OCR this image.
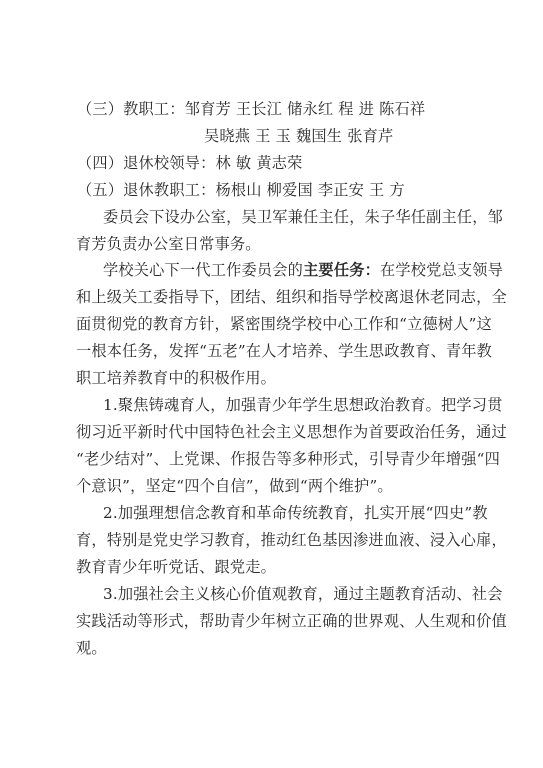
（三）教职工：邹育芳 王长江 储永红 程 进 陈石祥
吴晓燕 王 玉 魏国生 张育芹
（四）退休校领导：林 敏 黄志荣
（五）退休教职工：杨根山 柳爱国 李正安 王 方
委员会下设办公室，吴卫军兼任主任，朱子华任副主任，邹
育芳负责办公室日常事务。
学校关心下一代工作委员会的主要任务：在学校党总支领导
和上级关工委指导下，团结、组织和指导学校离退休老同志，全
面贯彻党的教育方针，紧密围绕学校中心工作和“立德树人”这
一根本任务，发挥“五老”在人才培养、学生思政教育、青年教
职工培养教育中的积极作用。
1.聚焦铸魂育人，加强青少年学生思想政治教育。把学习贯
彻习近平新时代中国特色社会主义思想作为首要政治任务，通过
“老少结对”、上党课、作报告等多种形式，引导青少年增强“四
个意识”，坚定“四个自信”，做到“两个维护”。
2.加强理想信念教育和革命传统教育，扎实开展“四史”教
育，特别是党史学习教育，推动红色基因渗进血液、浸入心扉，
教育青少年听党话、跟党走。
3.加强社会主义核心价值观教育，通过主题教育活动、社会
实践活动等形式，帮助青少年树立正确的世界观、人生观和价值
观。
